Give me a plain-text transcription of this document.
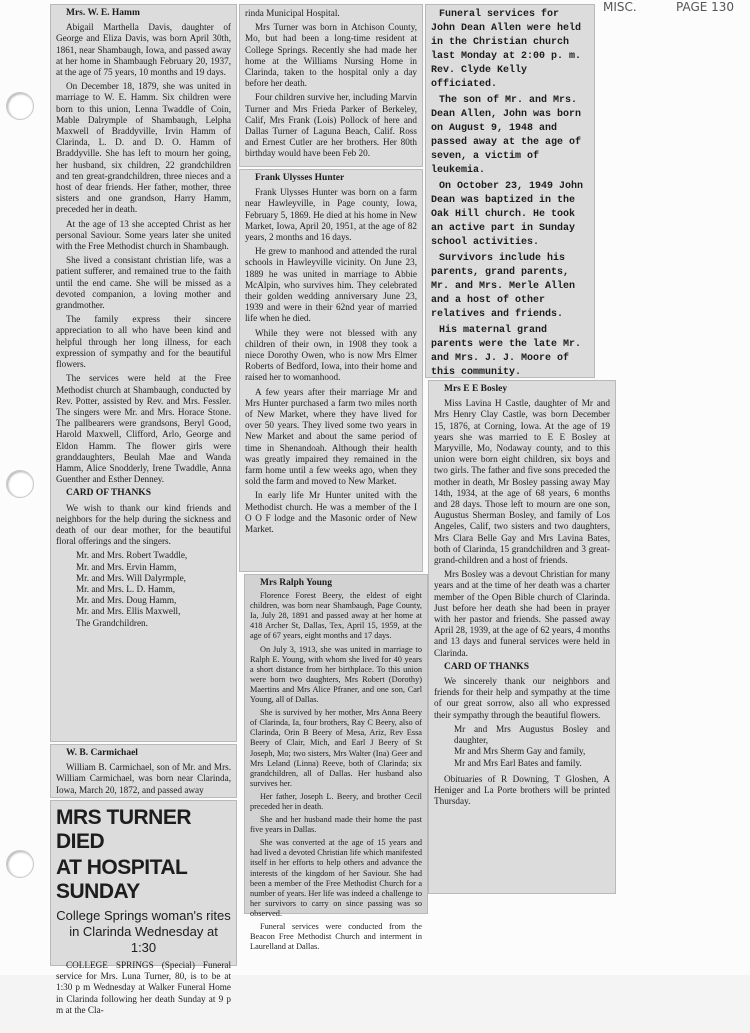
MISC.	PAGE 130

Mrs. W. E. Hamm

Abigail Marthella Davis, daughter of George and Eliza Davis, was born April 30th, 1861, near Shambaugh, Iowa, and passed away at her home in Shambaugh February 20, 1937, at the age of 75 years, 10 months and 19 days.

On December 18, 1879, she was united in marriage to W. E. Hamm. Six children were born to this union, Lenna Twaddle of Coin, Mable Dalrymple of Shambaugh, Lelpha Maxwell of Braddyville, Irvin Hamm of Clarinda, L. D. and D. O. Hamm of Braddyville. She has left to mourn her going, her husband, six children, 22 grandchildren and ten great-grandchildren, three nieces and a host of dear friends. Her father, mother, three sisters and one grandson, Harry Hamm, preceded her in death.

At the age of 13 she accepted Christ as her personal Saviour. Some years later she united with the Free Methodist church in Shambaugh.

She lived a consistant christian life, was a patient sufferer, and remained true to the faith until the end came. She will be missed as a devoted companion, a loving mother and grandmother.

The family express their sincere appreciation to all who have been kind and helpful through her long illness, for each expression of sympathy and for the beautiful flowers.

The services were held at the Free Methodist church at Shambaugh, conducted by Rev. Potter, assisted by Rev. and Mrs. Fessler. The singers were Mr. and Mrs. Horace Stone. The pallbearers were grandsons, Beryl Good, Harold Maxwell, Clifford, Arlo, George and Eldon Hamm. The flower girls were granddaughters, Beulah Mae and Wanda Hamm, Alice Snodderly, Irene Twaddle, Anna Guenther and Esther Denney.

CARD OF THANKS

We wish to thank our kind friends and neighbors for the help during the sickness and death of our dear mother, for the beautiful floral offerings and the singers.

Mr. and Mrs. Robert Twaddle,

Mr. and Mrs. Ervin Hamm,

Mr. and Mrs. Will Dalyrmple,

Mr. and Mrs. L. D. Hamm,

Mr. and Mrs. Doug Hamm,

Mr. and Mrs. Ellis Maxwell,

The Grandchildren.

W. B. Carmichael

William B. Carmichael, son of Mr. and Mrs. William Carmichael, was born near Clarinda, Iowa, March 20, 1872, and passed away

MRS TURNER DIED
AT HOSPITAL SUNDAY
College Springs woman's rites
in Clarinda Wednesday at 1:30

COLLEGE SPRINGS (Special) Funeral service for Mrs. Luna Turner, 80, is to be at 1:30 p m Wednesday at Walker Funeral Home in Clarinda following her death Sunday at 9 p m at the Cla-

rinda Municipal Hospital.

Mrs Turner was born in Atchison County, Mo, but had been a long-time resident at College Springs. Recently she had made her home at the Williams Nursing Home in Clarinda, taken to the hospital only a day before her death.

Four children survive her, including Marvin Turner and Mrs Frieda Parker of Berkeley, Calif, Mrs Frank (Lois) Pollock of here and Dallas Turner of Laguna Beach, Calif. Ross and Ernest Cutler are her brothers. Her 80th birthday would have been Feb 20.

Frank Ulysses Hunter

Frank Ulysses Hunter was born on a farm near Hawleyville, in Page county, Iowa, February 5, 1869. He died at his home in New Market, Iowa, April 20, 1951, at the age of 82 years, 2 months and 16 days.

He grew to manhood and attended the rural schools in Hawleyville vicinity. On June 23, 1889 he was united in marriage to Abbie McAlpin, who survives him. They celebrated their golden wedding anniversary June 23, 1939 and were in their 62nd year of married life when he died.

While they were not blessed with any children of their own, in 1908 they took a niece Dorothy Owen, who is now Mrs Elmer Roberts of Bedford, Iowa, into their home and raised her to womanhood.

A few years after their marriage Mr and Mrs Hunter purchased a farm two miles north of New Market, where they have lived for over 50 years. They lived some two years in New Market and about the same period of time in Shenandoah. Although their health was greatly impaired they remained in the farm home until a few weeks ago, when they sold the farm and moved to New Market.

In early life Mr Hunter united with the Methodist church. He was a member of the I O O F lodge and the Masonic order of New Market.

Mrs Ralph Young

Florence Forest Beery, the eldest of eight children, was born near Shambaugh, Page County, Ia, July 28, 1891 and passed away at her home at 418 Archer St, Dallas, Tex, April 15, 1959, at the age of 67 years, eight months and 17 days.

On July 3, 1913, she was united in marriage to Ralph E. Young, with whom she lived for 40 years a short distance from her birthplace. To this union were born two daughters, Mrs Robert (Dorothy) Maertins and Mrs Alice Pfraner, and one son, Carl Young, all of Dallas.

She is survived by her mother, Mrs Anna Beery of Clarinda, Ia, four brothers, Ray C Beery, also of Clarinda, Orin B Beery of Mesa, Ariz, Rev Essa Beery of Clair, Mich, and Earl J Beery of St Joseph, Mo; two sisters, Mrs Walter (Ina) Geer and Mrs Leland (Linna) Reeve, both of Clarinda; six grandchildren, all of Dallas. Her husband also survives her.

Her father, Joseph L. Beery, and brother Cecil preceded her in death.

She and her husband made their home the past five years in Dallas.

She was converted at the age of 15 years and had lived a devoted Christian life which manifested itself in her efforts to help others and advance the interests of the kingdom of her Saviour. She had been a member of the Free Methodist Church for a number of years. Her life was indeed a challenge to her survivors to carry on since passing was so observed.

Funeral services were conducted from the Beacon Free Methodist Church and interment in Laurelland at Dallas.

Funeral services for John Dean Allen were held in the Christian church last Monday at 2:00 p. m. Rev. Clyde Kelly officiated.

The son of Mr. and Mrs. Dean Allen, John was born on August 9, 1948 and passed away at the age of seven, a victim of leukemia.

On October 23, 1949 John Dean was baptized in the Oak Hill church. He took an active part in Sunday school activities.

Survivors include his parents, grand parents, Mr. and Mrs. Merle Allen and a host of other relatives and friends.

His maternal grand parents were the late Mr. and Mrs. J. J. Moore of this community.

Mrs E E Bosley

Miss Lavina H Castle, daughter of Mr and Mrs Henry Clay Castle, was born December 15, 1876, at Corning, Iowa. At the age of 19 years she was married to E E Bosley at Maryville, Mo, Nodaway county, and to this union were born eight children, six boys and two girls. The father and five sons preceded the mother in death, Mr Bosley passing away May 14th, 1934, at the age of 68 years, 6 months and 28 days. Those left to mourn are one son, Augustus Sherman Bosley, and family of Los Angeles, Calif, two sisters and two daughters, Mrs Clara Belle Gay and Mrs Lavina Bates, both of Clarinda, 15 grandchildren and 3 great-grand-children and a host of friends.

Mrs Bosley was a devout Christian for many years and at the time of her death was a charter member of the Open Bible church of Clarinda. Just before her death she had been in prayer with her pastor and friends. She passed away April 28, 1939, at the age of 62 years, 4 months and 13 days and funeral services were held in Clarinda.

CARD OF THANKS

We sincerely thank our neighbors and friends for their help and sympathy at the time of our great sorrow, also all who expressed their sympathy through the beautiful flowers.

Mr and Mrs Augustus Bosley and daughter,

Mr and Mrs Sherm Gay and family,

Mr and Mrs Earl Bates and family.

Obituaries of R Downing, T Gloshen, A Heniger and La Porte brothers will be printed Thursday.
